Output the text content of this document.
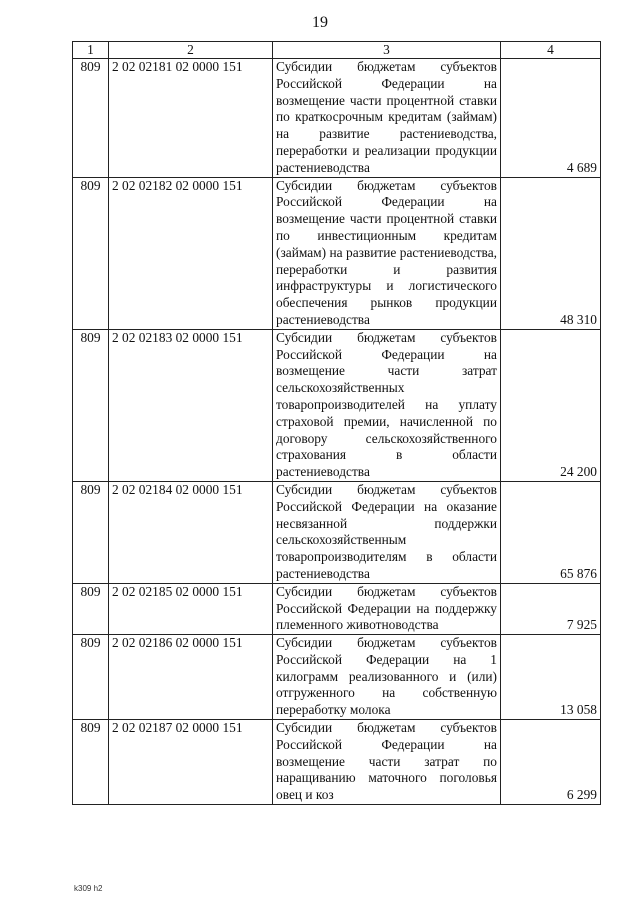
19
1	2	3	4
809	2 02 02181 02 0000 151	Субсидии бюджетам субъектов Российской Федерации на возмещение части процентной ставки по краткосрочным кредитам (займам) на развитие растениеводства, переработки и реализации продукции растениеводства	4 689
809	2 02 02182 02 0000 151	Субсидии бюджетам субъектов Российской Федерации на возмещение части процентной ставки по инвестиционным кредитам (займам) на развитие растениеводства, переработки и развития инфраструктуры и логистического обеспечения рынков продукции растениеводства	48 310
809	2 02 02183 02 0000 151	Субсидии бюджетам субъектов Российской Федерации на возмещение части затрат сельскохозяйственных товаропроизводителей на уплату страховой премии, начисленной по договору сельскохозяйственного страхования в области растениеводства	24 200
809	2 02 02184 02 0000 151	Субсидии бюджетам субъектов Российской Федерации на оказание несвязанной поддержки сельскохозяйственным товаропроизводителям в области растениеводства	65 876
809	2 02 02185 02 0000 151	Субсидии бюджетам субъектов Российской Федерации на поддержку племенного животноводства	7 925
809	2 02 02186 02 0000 151	Субсидии бюджетам субъектов Российской Федерации на 1 килограмм реализованного и (или) отгруженного на собственную переработку молока	13 058
809	2 02 02187 02 0000 151	Субсидии бюджетам субъектов Российской Федерации на возмещение части затрат по наращиванию маточного поголовья овец и коз	6 299
k309 h2
